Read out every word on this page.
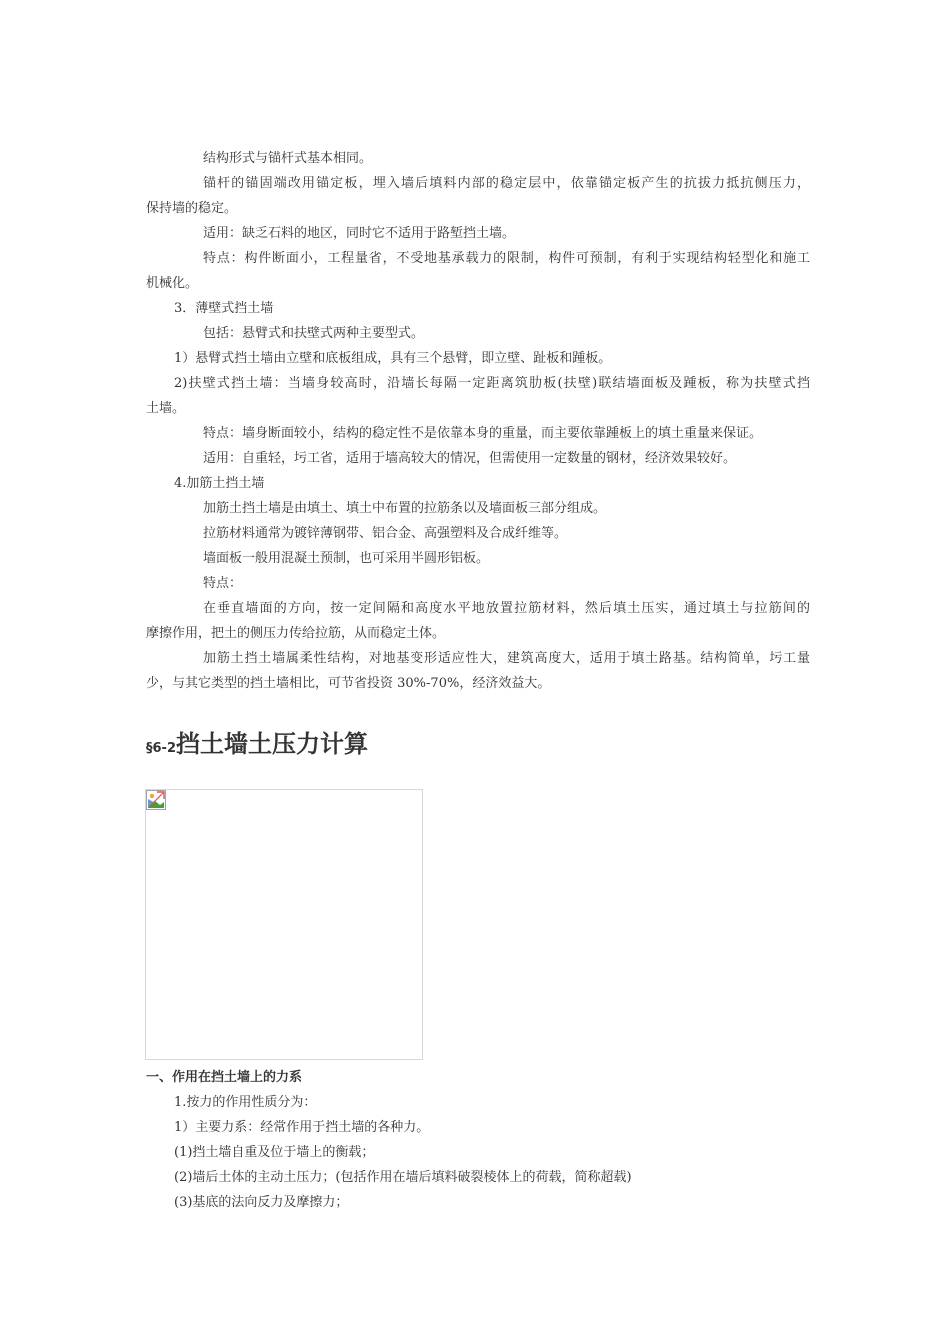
结构形式与锚杆式基本相同。
锚杆的锚固端改用锚定板，埋入墙后填料内部的稳定层中，依靠锚定板产生的抗拔力抵抗侧压力，
保持墙的稳定。
适用：缺乏石料的地区，同时它不适用于路堑挡土墙。
特点：构件断面小，工程量省，不受地基承载力的限制，构件可预制，有利于实现结构轻型化和施工
机械化。
3．薄壁式挡土墙
包括：悬臂式和扶壁式两种主要型式。
1）悬臂式挡土墙由立壁和底板组成，具有三个悬臂，即立壁、趾板和踵板。
2)扶壁式挡土墙：当墙身较高时，沿墙长每隔一定距离筑肋板(扶壁)联结墙面板及踵板，称为扶壁式挡
土墙。
特点：墙身断面较小，结构的稳定性不是依靠本身的重量，而主要依靠踵板上的填土重量来保证。
适用：自重轻，圬工省，适用于墙高较大的情况，但需使用一定数量的钢材，经济效果较好。
4.加筋土挡土墙
加筋土挡土墙是由填土、填土中布置的拉筋条以及墙面板三部分组成。
拉筋材料通常为镀锌薄钢带、铝合金、高强塑料及合成纤维等。
墙面板一般用混凝土预制，也可采用半圆形铝板。
特点：
在垂直墙面的方向，按一定间隔和高度水平地放置拉筋材料，然后填土压实，通过填土与拉筋间的
摩擦作用，把土的侧压力传给拉筋，从而稳定土体。
加筋土挡土墙属柔性结构，对地基变形适应性大，建筑高度大，适用于填土路基。结构简单，圬工量
少，与其它类型的挡土墙相比，可节省投资 30%-70%，经济效益大。
§6-2挡土墙土压力计算
一、作用在挡土墙上的力系
1.按力的作用性质分为：
1）主要力系：经常作用于挡土墙的各种力。
(1)挡土墙自重及位于墙上的衡载；
(2)墙后土体的主动土压力；(包括作用在墙后填料破裂棱体上的荷载，简称超载)
(3)基底的法向反力及摩擦力；
